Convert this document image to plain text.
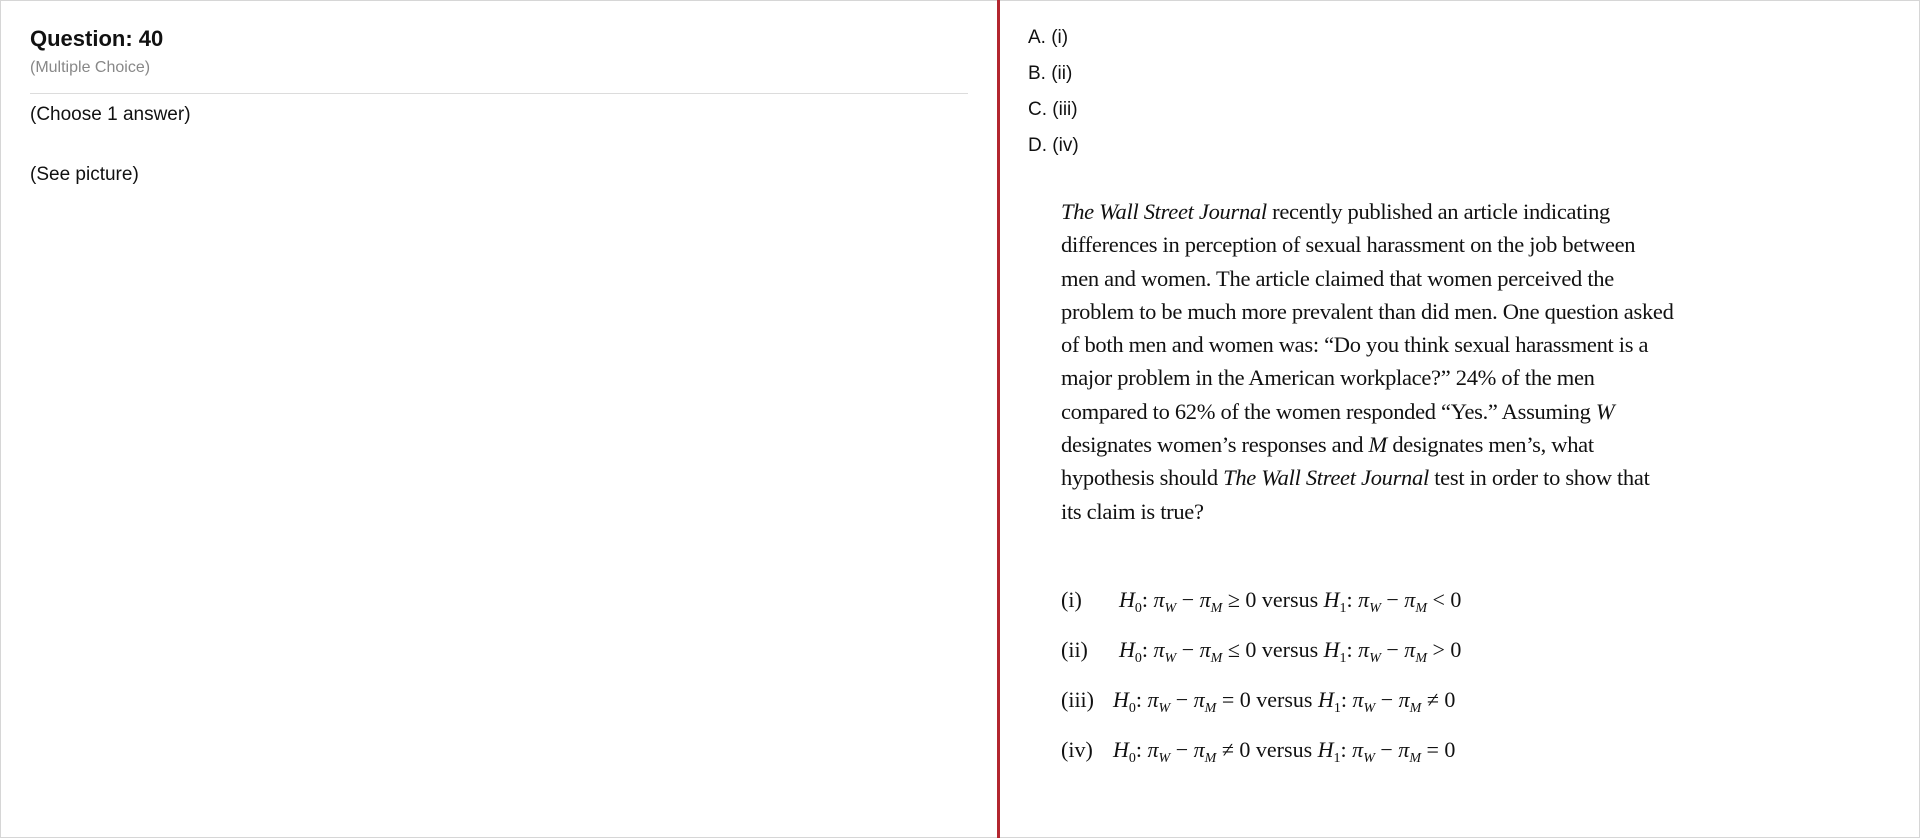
Question: 40
(Multiple Choice)
(Choose 1 answer)
(See picture)
A. (i)
B. (ii)
C. (iii)
D. (iv)
The Wall Street Journal recently published an article indicating
differences in perception of sexual harassment on the job between
men and women. The article claimed that women perceived the
problem to be much more prevalent than did men. One question asked
of both men and women was: “Do you think sexual harassment is a
major problem in the American workplace?” 24% of the men
compared to 62% of the women responded “Yes.” Assuming W
designates women’s responses and M designates men’s, what
hypothesis should The Wall Street Journal test in order to show that
its claim is true?
(i) $H_0$: $\pi_W - \pi_M \ge 0$ versus $H_1$: $\pi_W - \pi_M < 0$
(ii) $H_0$: $\pi_W - \pi_M \le 0$ versus $H_1$: $\pi_W - \pi_M > 0$
(iii) $H_0$: $\pi_W - \pi_M = 0$ versus $H_1$: $\pi_W - \pi_M \ne 0$
(iv) $H_0$: $\pi_W - \pi_M \ne 0$ versus $H_1$: $\pi_W - \pi_M = 0$
